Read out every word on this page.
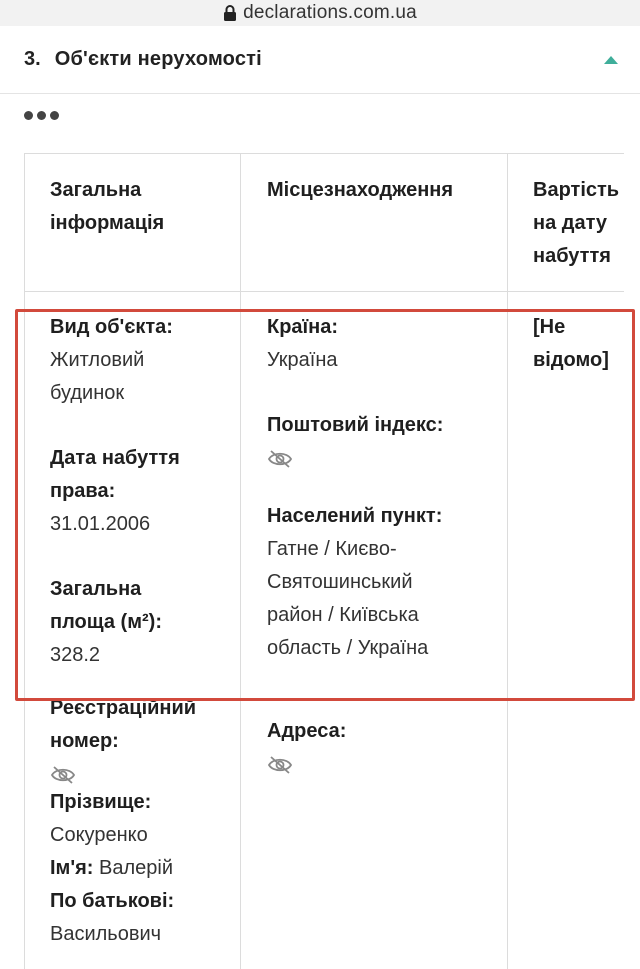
declarations.com.ua
3. Об'єкти нерухомості
Загальна
інформація
Місцезнаходження	Вартість
на дату
набуття
Вид об'єкта:
Житловий
будинок
Дата набуття
права:
31.01.2006
Загальна
площа (м²):
328.2
Реєстраційний
номер:
Прізвище:
Сокуренко
Ім'я: Валерій
По батькові:
Васильович
Країна:
Україна
Поштовий індекс:
Населений пункт:
Гатне / Києво-
Святошинський
район / Київська
область / Україна
Адреса:
[Не
відомо]
